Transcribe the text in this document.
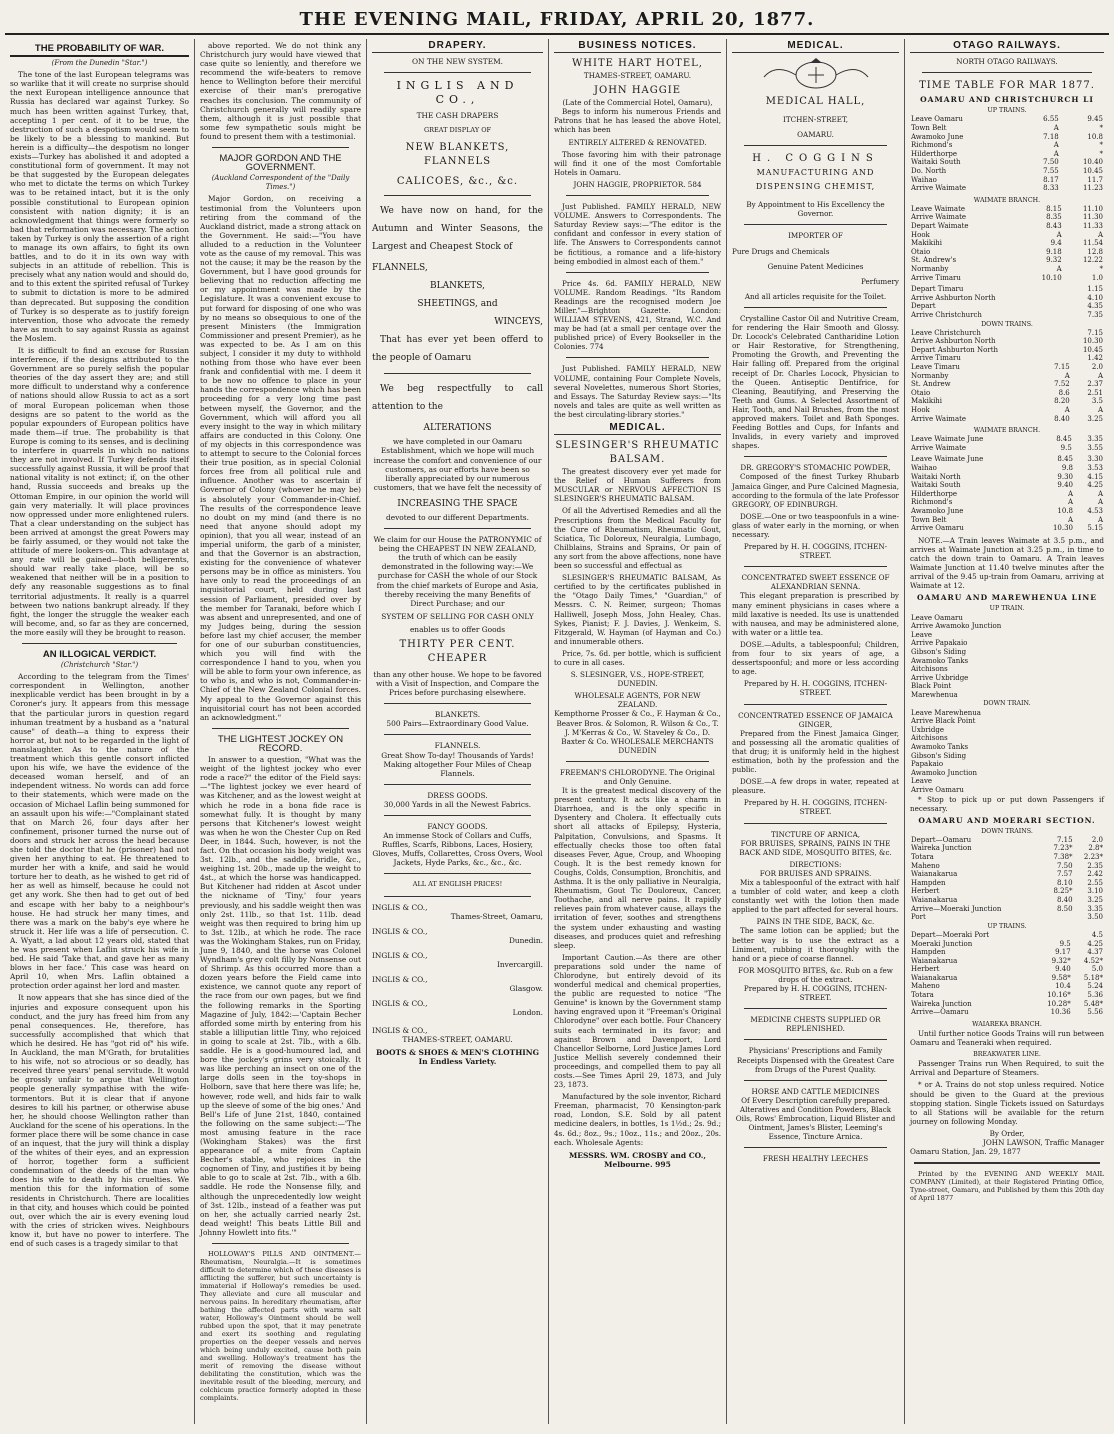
THE EVENING MAIL, FRIDAY, APRIL 20, 1877.
THE PROBABILITY OF WAR.
(From the Dunedin "Star.")

The tone of the last European telegrams was so warlike that it will create no surprise should the next European intelligence announce that Russia has declared war against Turkey. So much has been written against Turkey, that, accepting 1 per cent. of it to be true, the destruction of such a despotism would seem to be likely to be a blessing to mankind. But herein is a difficulty—the despotism no longer exists—Turkey has abolished it and adopted a constitutional form of government. It may not be that suggested by the European delegates who met to dictate the terms on which Turkey was to be retained intact, but it is the only possible constitutional to European opinion consistent with nation dignity; it is an acknowledgment that things were formerly so bad that reformation was necessary. The action taken by Turkey is only the assertion of a right to manage its own affairs, to fight its own battles, and to do it in its own way with subjects in an attitude of rebellion. This is precisely what any nation would and should do, and to this extent the spirited refusal of Turkey to submit to dictation is more to be admired than deprecated. But supposing the condition of Turkey is so desperate as to justify foreign intervention, those who advocate the remedy have as much to say against Russia as against the Moslem.

It is difficult to find an excuse for Russian interference, if the designs attributed to the Government are so purely selfish the popular theories of the day assert they are; and still more difficult to understand why a conference of nations should allow Russia to act as a sort of moral European policeman when those designs are so patent to the world as the popular expounders of European politics have made them—if true. The probability is that Europe is coming to its senses, and is declining to interfere in quarrels in which no nations they are not involved. If Turkey defends itself successfully against Russia, it will be proof that national vitality is not extinct; if, on the other hand, Russia succeeds and breaks up the Ottoman Empire, in our opinion the world will gain very materially. It will place provinces now oppressed under more enlightened rulers. That a clear understanding on the subject has been arrived at amongst the great Powers may be fairly assumed, or they would not take the attitude of mere lookers-on. This advantage at any rate will be gained—both belligerents, should war really take place, will be so weakened that neither will be in a position to defy any reasonable suggestions as to final territorial adjustments. It really is a quarrel between two nations bankrupt already. If they fight, the longer the struggle the weaker each will become, and, so far as they are concerned, the more easily will they be brought to reason.

AN ILLOGICAL VERDICT.
(Christchurch "Star.")

According to the telegram from the Times' correspondent in Wellington, another inexplicable verdict has been brought in by a Coroner's jury. It appears from this message that the particular jurors in question regard inhuman treatment by a husband as a "natural cause" of death—a thing to express their horror at, but not to be regarded in the light of manslaughter. As to the nature of the treatment which this gentle consort inflicted upon his wife, we have the evidence of the deceased woman herself, and of an independent witness. No words can add force to their statements, which were made on the occasion of Michael Laflin being summoned for an assault upon his wife:—"Complainant stated that on March 26, four days after her confinement, prisoner turned the nurse out of doors and struck her across the head because she told the doctor that he (prisoner) had not given her anything to eat. He threatened to murder her with a knife, and said he would torture her to death, as he wished to get rid of her as well as himself, because he could not get any work. She then had to get out of bed and escape with her baby to a neighbour's house. He had struck her many times, and there was a mark on the baby's eye where he struck it. Her life was a life of persecution. C. A. Wyatt, a lad about 12 years old, stated that he was present when Laflin struck his wife in bed. He said 'Take that, and gave her as many blows in her face.' This case was heard on April 10, when Mrs. Laflin obtained a protection order against her lord and master.

It now appears that she has since died of the injuries and exposure consequent upon his conduct, and the jury has freed him from any penal consequences. He, therefore, has successfully accomplished that which that which he desired. He has "got rid of" his wife. In Auckland, the man M'Grath, for brutalities to his wife, not so atrocious or so deadly, has received three years' penal servitude. It would be grossly unfair to argue that Wellington people generally sympathise with the wife-tormentors. But it is clear that if anyone desires to kill his partner, or otherwise abuse her, he should choose Wellington rather than Auckland for the scene of his operations. In the former place there will be some chance in case of an inquest, that the jury will think a display of the whites of their eyes, and an expression of horror, together form a sufficient condemnation of the deeds of the man who does his wife to death by his cruelties. We mention this for the information of some residents in Christchurch. There are localities in that city, and houses which could be pointed out, over which the air is every evening loud with the cries of stricken wives. Neighbours know it, but have no power to interfere. The end of such cases is a tragedy similar to that

above reported. We do not think any Christchurch jury would have viewed that case quite so leniently, and therefore we recommend the wife-beaters to remove hence to Wellington before their merciful exercise of their man's prerogative reaches its conclusion. The community of Christchurch generally will readily spare them, although it is just possible that some few sympathetic souls might be found to present them with a testimonial.

MAJOR GORDON AND THE GOVERNMENT.
(Auckland Correspondent of the "Daily Times.")

Major Gordon, on receiving a testimonial from the Volunteers upon retiring from the command of the Auckland district, made a strong attack on the Government. He said:—"You have alluded to a reduction in the Volunteer vote as the cause of my removal. This was not the cause; it may be the reason by the Government, but I have good grounds for believing that no reduction affecting me or my appointment was made by the Legislature. It was a convenient excuse to put forward for disposing of one who was by no means so obsequious to one of the present Ministers (the Immigration Commissioner and present Premier), as he was expected to be. As I am on this subject, I consider it my duty to withhold nothing from those who have ever been frank and confidential with me. I deem it to be now no offence to place in your hands the correspondence which has been proceeding for a very long time past between myself, the Governor, and the Government, which will afford you all every insight to the way in which military affairs are conducted in this Colony. One of my objects in this correspondence was to attempt to secure to the Colonial forces their true position, as in special Colonial forces free from all political rule and influence. Another was to ascertain if Governor of Colony (whoever he may be) is absolutely your Commander-in-Chief. The results of the correspondence leave no doubt on my mind (and there is no need that anyone should adopt my opinion), that you all wear, instead of an imperial uniform, the garb of a minister, and that the Governor is an abstraction, existing for the convenience of whatever persons may be in office as ministers. You have only to read the proceedings of an inquisitorial court, held during last session of Parliament, presided over by the member for Taranaki, before which I was absent and unrepresented, and one of my Judges being, during the session before last my chief accuser, the member for one of our suburban constituencies, which you will find with the correspondence I hand to you, when you will be able to form your own inference, as to who is, and who is not, Commander-in-Chief of the New Zealand Colonial forces. My appeal to the Governor against this inquisitorial court has not been accorded an acknowledgment."

THE LIGHTEST JOCKEY ON RECORD.

In answer to a question, "What was the weight of the lightest jockey who ever rode a race?" the editor of the Field says:—"The lightest jockey we ever heard of was Kitchener, and as the lowest weight at which he rode in a bona fide race is somewhat fully. It is thought by many persons that Kitchener's lowest weight was when he won the Chester Cup on Red Deer, in 1844. Such, however, is not the fact. On that occasion his body weight was 3st. 12lb., and the saddle, bridle, &c., weighing 1st. 20b., made up the weight to 4st., at which the horse was handicapped. But Kitchener had ridden at Ascot under the nickname of 'Tiny,' four years previously, and his saddle weight then was only 2st. 11lb., so that 1st. 11lb. dead weight was then required to bring him up to 3st. 12lb., at which he rode. The race was the Wokingham Stakes, run on Friday, June 9, 1840, and the horse was Colonel Wyndham's grey colt filly by Nonsense out of Shrimp. As this occurred more than a dozen years before the Field came into existence, we cannot quote any report of the race from our own pages, but we find the following remarks in the Sporting Magazine of July, 1842:—'Captain Becher afforded some mirth by entering from his stable a lilliputian little Tiny, who rejoiced in going to scale at 2st. 7lb., with a 6lb. saddle. He is a good-humoured lad, and bore the jockey's grins very stoically. It was like perching an insect on one of the large dolls seen in the toy-shops in Holborn, save that here there was life; he, however, rode well, and hids fair to walk up the sleeve of some of the big ones.' And Bell's Life of June 21st, 1840, contained the following on the same subject:—'The most amusing feature in the race (Wokingham Stakes) was the first appearance of a mite from Captain Becher's stable, who rejoices in the cognomen of Tiny, and justifies it by being able to go to scale at 2st. 7lb., with a 6lb. saddle. He rode the Nonsense filly, and although the unprecedentedly low weight of 3st. 12lb., instead of a feather was put on her, she actually carried nearly 2st. dead weight! This beats Little Bill and Johnny Howlett into fits.'"

HOLLOWAY'S PILLS AND OINTMENT.—Rheumatism, Neuralgia.—It is sometimes difficult to determine which of these diseases is afflicting the sufferer, but such uncertainty is immaterial if Holloway's remedies be used. They alleviate and cure all muscular and nervous pains. In hereditary rheumatism, after bathing the affected parts with warm salt water, Holloway's Ointment should be well rubbed upon the spot, that it may penetrate and exert its soothing and regulating properties on the deeper vessels and nerves which being unduly excited, cause both pain and swelling. Holloway's treatment has the merit of removing the disease without debilitating the constitution, which was the inevitable result of the bleeding, mercury, and colchicum practice formerly adopted in these complaints.

DRAPERY.
ON THE NEW SYSTEM.
INGLIS AND CO.,
THE CASH DRAPERS
GREAT DISPLAY OF
NEW BLANKETS, FLANNELS
CALICOES, &c., &c.

We have now on hand, for the Autumn and Winter Seasons, the Largest and Cheapest Stock of

FLANNELS,
BLANKETS,
SHEETINGS, and
WINCEYS,

That has ever yet been offerd to the people of Oamaru

We beg respectfully to call attention to the

ALTERATIONS

we have completed in our Oamaru Establishment, which we hope will much increase the comfort and convenience of our customers, as our efforts have been so liberally appreciated by our numerous customers, that we have felt the necessity of

INCREASING THE SPACE
devoted to our different Departments.

We claim for our House the PATRONYMIC of being the CHEAPEST IN NEW ZEALAND, the truth of which can be easily demonstrated in the following way:—We purchase for CASH the whole of our Stock from the chief markets of Europe and Asia, thereby receiving the many Benefits of Direct Purchase; and our

SYSTEM OF SELLING FOR CASH ONLY
enables us to offer Goods
THIRTY PER CENT. CHEAPER

than any other house. We hope to be favored with a Visit of Inspection, and Compare the Prices before purchasing elsewhere.

BLANKETS.
500 Pairs—Extraordinary Good Value.
FLANNELS.
Great Show To-day! Thousands of Yards! Making altogether Four Miles of Cheap Flannels.
DRESS GOODS.
30,000 Yards in all the Newest Fabrics.
FANCY GOODS.

An immense Stock of Collars and Cuffs, Ruffles, Scarfs, Ribbons, Laces, Hosiery, Gloves, Muffs, Collarettes, Cross Overs, Wool Jackets, Hyde Parks, &c., &c., &c.

ALL AT ENGLISH PRICES!
INGLIS & CO.,
Thames-Street, Oamaru,
INGLIS & CO.,
Dunedin.
INGLIS & CO.,
Invercargill.
INGLIS & CO.,
Glasgow.
INGLIS & CO.,
London.
INGLIS & CO.,
THAMES-STREET, OAMARU.
BOOTS & SHOES & MEN'S CLOTHING In Endless Variety.
BUSINESS NOTICES.
WHITE HART HOTEL,
THAMES-STREET, OAMARU.
JOHN HAGGIE
(Late of the Commercial Hotel, Oamaru),

Begs to inform his numerous Friends and Patrons that he has leased the above Hotel, which has been

ENTIRELY ALTERED & RENOVATED.

Those favoring him with their patronage will find it one of the most Comfortable Hotels in Oamaru.

JOHN HAGGIE, PROPRIETOR. 584

Just Published. FAMILY HERALD, NEW VOLUME. Answers to Correspondents. The Saturday Review says:—"The editor is the confidant and confessor in every station of life. The Answers to Correspondents cannot be fictitious, a romance and a life-history being embodied in almost each of them."

Price 4s. 6d. FAMILY HERALD, NEW VOLUME. Random Readings. "Its Random Readings are the recognised modern Joe Miller."—Brighton Gazette. London: WILLIAM STEVENS, 421, Strand, W.C. And may be had (at a small per centage over the published price) of Every Bookseller in the Colonies. 774

Just Published. FAMILY HERALD, NEW VOLUME, containing Four Complete Novels, several Novelettes, numerous Short Stories, and Essays. The Saturday Review says:—"Its novels and tales are quite as well written as the best circulating-library stories."

MEDICAL.
SLESINGER'S RHEUMATIC BALSAM.

The greatest discovery ever yet made for the Relief of Human Sufferers from MUSCULAR or NERVOUS AFFECTION IS SLESINGER'S RHEUMATIC BALSAM.

Of all the Advertised Remedies and all the Prescriptions from the Medical Faculty for the Cure of Rheumatism, Rheumatic Gout, Sciatica, Tic Doloreux, Neuralgia, Lumbago, Chilblains, Strains and Sprains, Or pain of any sort from the above affections, none have been so successful and effectual as

SLESINGER'S RHEUMATIC BALSAM, As certified to by the certificates published in the "Otago Daily Times," "Guardian," of Messrs. C. N. Reimer, surgeon; Thomas Halliwell, Joseph Moss, John Healey, Chas. Sykes, Pianist; F. J. Davies, J. Wenkeim, S. Fitzgerald, W. Hayman (of Hayman and Co.) and innumerable others.

Price, 7s. 6d. per bottle, which is sufficient to cure in all cases.

S. SLESINGER, V.S., HOPE-STREET, DUNEDIN.
WHOLESALE AGENTS, FOR NEW ZEALAND.

Kempthorne Prosser & Co., F. Hayman & Co., Beaver Bros. & Solomon, R. Wilson & Co., T. J. M'Kerras & Co., W. Staveley & Co., D. Baxter & Co. WHOLESALE MERCHANTS DUNEDIN

FREEMAN'S CHLORODYNE. The Original and Only Genuine.

It is the greatest medical discovery of the present century. It acts like a charm in Diarrhoea, and is the only specific in Dysentery and Cholera. It effectually cuts short all attacks of Epilepsy, Hysteria, Palpitation, Convulsions, and Spasms. It effectually checks those too often fatal diseases Fever, Ague, Croup, and Whooping Cough. It is the best remedy known for Coughs, Colds, Consumption, Bronchitis, and Asthma. It is the only palliative in Neuralgia, Rheumatism, Gout Tic Douloreux, Cancer, Toothache, and all nerve pains. It rapidly relieves pain from whatever cause, allays the irritation of fever, soothes and strengthens the system under exhausting and wasting diseases, and produces quiet and refreshing sleep.

Important Caution.—As there are other preparations sold under the name of Chlorodyne, but entirely devoid of its wonderful medical and chemical properties, the public are requested to notice "The Genuine" is known by the Government stamp having engraved upon it "Freeman's Original Chlorodyne" over each bottle. Four Chancery suits each terminated in its favor; and against Brown and Davenport, Lord Chancellor Selborne, Lord Justice James Lord Justice Mellish severely condemned their proceedings, and compelled them to pay all costs.—See Times April 29, 1873, and July 23, 1873.

Manufactured by the sole inventor, Richard Freeman, pharmacist, 70 Kensington-park road, London, S.E. Sold by all patent medicine dealers, in bottles, 1s 1½d.; 2s. 9d.; 4s. 6d.; 8oz., 9s.; 10oz., 11s.; and 20oz., 20s. each. Wholesale Agents:

MESSRS. WM. CROSBY and CO., Melbourne. 995
MEDICAL.
MEDICAL HALL,
ITCHEN-STREET,
OAMARU.
H. COGGINS
MANUFACTURING AND DISPENSING CHEMIST,
By Appointment to His Excellency the Governor.
IMPORTER OF
Pure Drugs and Chemicals
Genuine Patent Medicines
Perfumery
And all articles requisite for the Toilet.

Crystalline Castor Oil and Nutritive Cream, for rendering the Hair Smooth and Glossy. Dr. Locock's Celebrated Cantharidine Lotion or Hair Restorative, for Strengthening, Promoting the Growth, and Preventing the Hair falling off. Prepared from the original receipt of Dr. Charles Locock, Physician to the Queen. Antiseptic Dentifrice, for Cleaning, Beautifying, and Preserving the Teeth and Gums. A Selected Assortment of Hair, Tooth, and Nail Brushes, from the most approved makers. Toilet and Bath Sponges. Feeding Bottles and Cups, for Infants and Invalids, in every variety and improved shapes.

DR. GREGORY'S STOMACHIC POWDER,

Composed of the finest Turkey Rhubarb Jamaica Ginger, and Pure Calcined Magnesia, according to the formula of the late Professor GREGORY, OF EDINBURGH.

DOSE.—One or two teaspoonfuls in a wine-glass of water early in the morning, or when necessary.

Prepared by H. H. COGGINS, ITCHEN-STREET.
CONCENTRATED SWEET ESSENCE OF ALEXANDRIAN SENNA.

This elegant preparation is prescribed by many eminent physicians in cases where a mild laxative is needed. Its use is unattended with nausea, and may be administered alone, with water or a little tea.

DOSE.—Adults, a tablespoonful; Children, from four to six years of age, a dessertspoonful; and more or less according to age.

Prepared by H. H. COGGINS, ITCHEN-STREET.
CONCENTRATED ESSENCE OF JAMAICA GINGER,

Prepared from the Finest Jamaica Ginger, and possessing all the aromatic qualities of that drug; it is uniformly held in the highest estimation, both by the profession and the public.

DOSE.—A few drops in water, repeated at pleasure.

Prepared by H. H. COGGINS, ITCHEN-STREET.
TINCTURE OF ARNICA,
FOR BRUISES, SPRAINS, PAINS IN THE BACK AND SIDE, MOSQUITO BITES, &c.
DIRECTIONS:
FOR BRUISES AND SPRAINS.

Mix a tablespoonful of the extract with half a tumbler of cold water, and keep a cloth constantly wet with the lotion then made applied to the part affected for several hours.

PAINS IN THE SIDE, BACK, &c.

The same lotion can be applied; but the better way is to use the extract as a Liniment, rubbing it thoroughly with the hand or a piece of coarse flannel.

FOR MOSQUITO BITES, &c. Rub on a few drops of the extract.
Prepared by H. H. COGGINS, ITCHEN-STREET.
MEDICINE CHESTS SUPPLIED OR REPLENISHED.

Physicians' Prescriptions and Family Receipts Dispensed with the Greatest Care from Drugs of the Purest Quality.

HORSE AND CATTLE MEDICINES

Of Every Description carefully prepared. Alteratives and Condition Powders, Black Oils, Rows' Embrocation, Liquid Blister and Ointment, James's Blister, Leeming's Essence, Tincture Arnica.

FRESH HEALTHY LEECHES
OTAGO RAILWAYS.
NORTH OTAGO RAILWAYS.
TIME TABLE FOR MAR 1877.
OAMARU AND CHRISTCHURCH LI
UP TRAINS.
Leave Oamaru	6.55	9.45
Town Belt	A	*
Awamoko June	7.18	10.8
Richmond's	A	*
Hilderthorpe	A	*
Waitaki South	7.50	10.40
Do. North	7.55	10.45
Waihao	8.17	11.7
Arrive Waimate	8.33	11.23
WAIMATE BRANCH.
Leave Waimate	8.15	11.10
Arrive Waimate	8.35	11.30

Depart Waimate	8.43	11.33
Hook	A	A
Makikihi	9.4	11.54
Otaio	9.18	12.8
St. Andrew's	9.32	12.22
Normanby	A	*
Arrive Timaru	10.10	1.0
Depart Timaru		1.15
Arrive Ashburton North		4.10
Depart		4.35
Arrive Christchurch		7.35
DOWN TRAINS.
Leave Christchurch		7.15
Arrive Ashburton North		10.30
Depart Ashburton North		10.45
Arrive Timaru		1.42
Leave Timaru	7.15	2.0
Normanby	A	A
St. Andrew	7.52	2.37
Otaio	8.6	2.51
Makikihi	8.20	3.5
Hook	A	A
Arrive Waimate	8.40	3.25
WAIMATE BRANCH.
Leave Waimate June	8.45	3.35
Arrive Waimate	9.5	3.55
Leave Waimate June	8.45	3.30
Waihao	9.8	3.53
Waitaki North	9.30	4.15
Waitaki South	9.40	4.25
Hilderthorpe	A	A
Richmond's	A	A
Awamoko June	10.8	4.53
Town Belt	A	A
Arrive Oamaru	10.30	5.15

NOTE.—A Train leaves Waimate at 3.5 p.m., and arrives at Waimate Junction at 3.25 p.m., in time to catch the down train to Oamaru. A Train leaves Waimate Junction at 11.40 twelve minutes after the arrival of the 9.45 up-train from Oamaru, arriving at Waimate at 12.

OAMARU AND MAREWHENUA LINE
UP TRAIN.
Leave Oamaru
Arrive Awamoko Junction
Leave
Arrive Papakaio
Gibson's Siding
Awamoko Tanks
Aitchisons
Arrive Uxbridge
Black Point
Marewhenua
DOWN TRAIN.
Leave Marewhenua
Arrive Black Point
Uxbridge
Aitchisons
Awamoko Tanks
Gibson's Siding
Papakaio
Awamoko Junction
Leave
Arrive Oamaru

* Stop to pick up or put down Passengers if necessary.

OAMARU AND MOERARI SECTION.
DOWN TRAINS.
Depart—Oamaru	7.15	2.0
Waireka Junction	7.23*	2.8*
Totara	7.38*	2.23*
Maheno	7.50	2.35
Waianakarua	7.57	2.42
Hampden	8.10	2.55
Herbert	8.25*	3.10
Waianakarua	8.40	3.25
Arrive—Moeraki Junction	8.50	3.35
Port		3.50
UP TRAINS.
Depart—Moeraki Port		4.5
Moeraki Junction	9.5	4.25
Hampden	9.17	4.37
Waianakarua	9.32*	4.52*
Herbert	9.40	5.0
Waianakarua	9.58*	5.18*
Maheno	10.4	5.24
Totara	10.16*	5.36
Waireka Junction	10.28*	5.48*
Arrive—Oamaru	10.36	5.56
WAIAREKA BRANCH.

Until further notice Goods Trains will run between Oamaru and Teaneraki when required.

BREAKWATER LINE.

Passenger Trains run When Required, to suit the Arrival and Departure of Steamers.

* or A. Trains do not stop unless required. Notice should be given to the Guard at the previous stopping station. Single Tickets issued on Saturdays to all Stations will be available for the return journey on following Monday.

By Order,
JOHN LAWSON, Traffic Manager
Oamaru Station, Jan. 29, 1877

Printed by the EVENING AND WEEKLY MAIL COMPANY (Limited), at their Registered Printing Office, Tyne-street, Oamaru, and Published by them this 20th day of April 1877
